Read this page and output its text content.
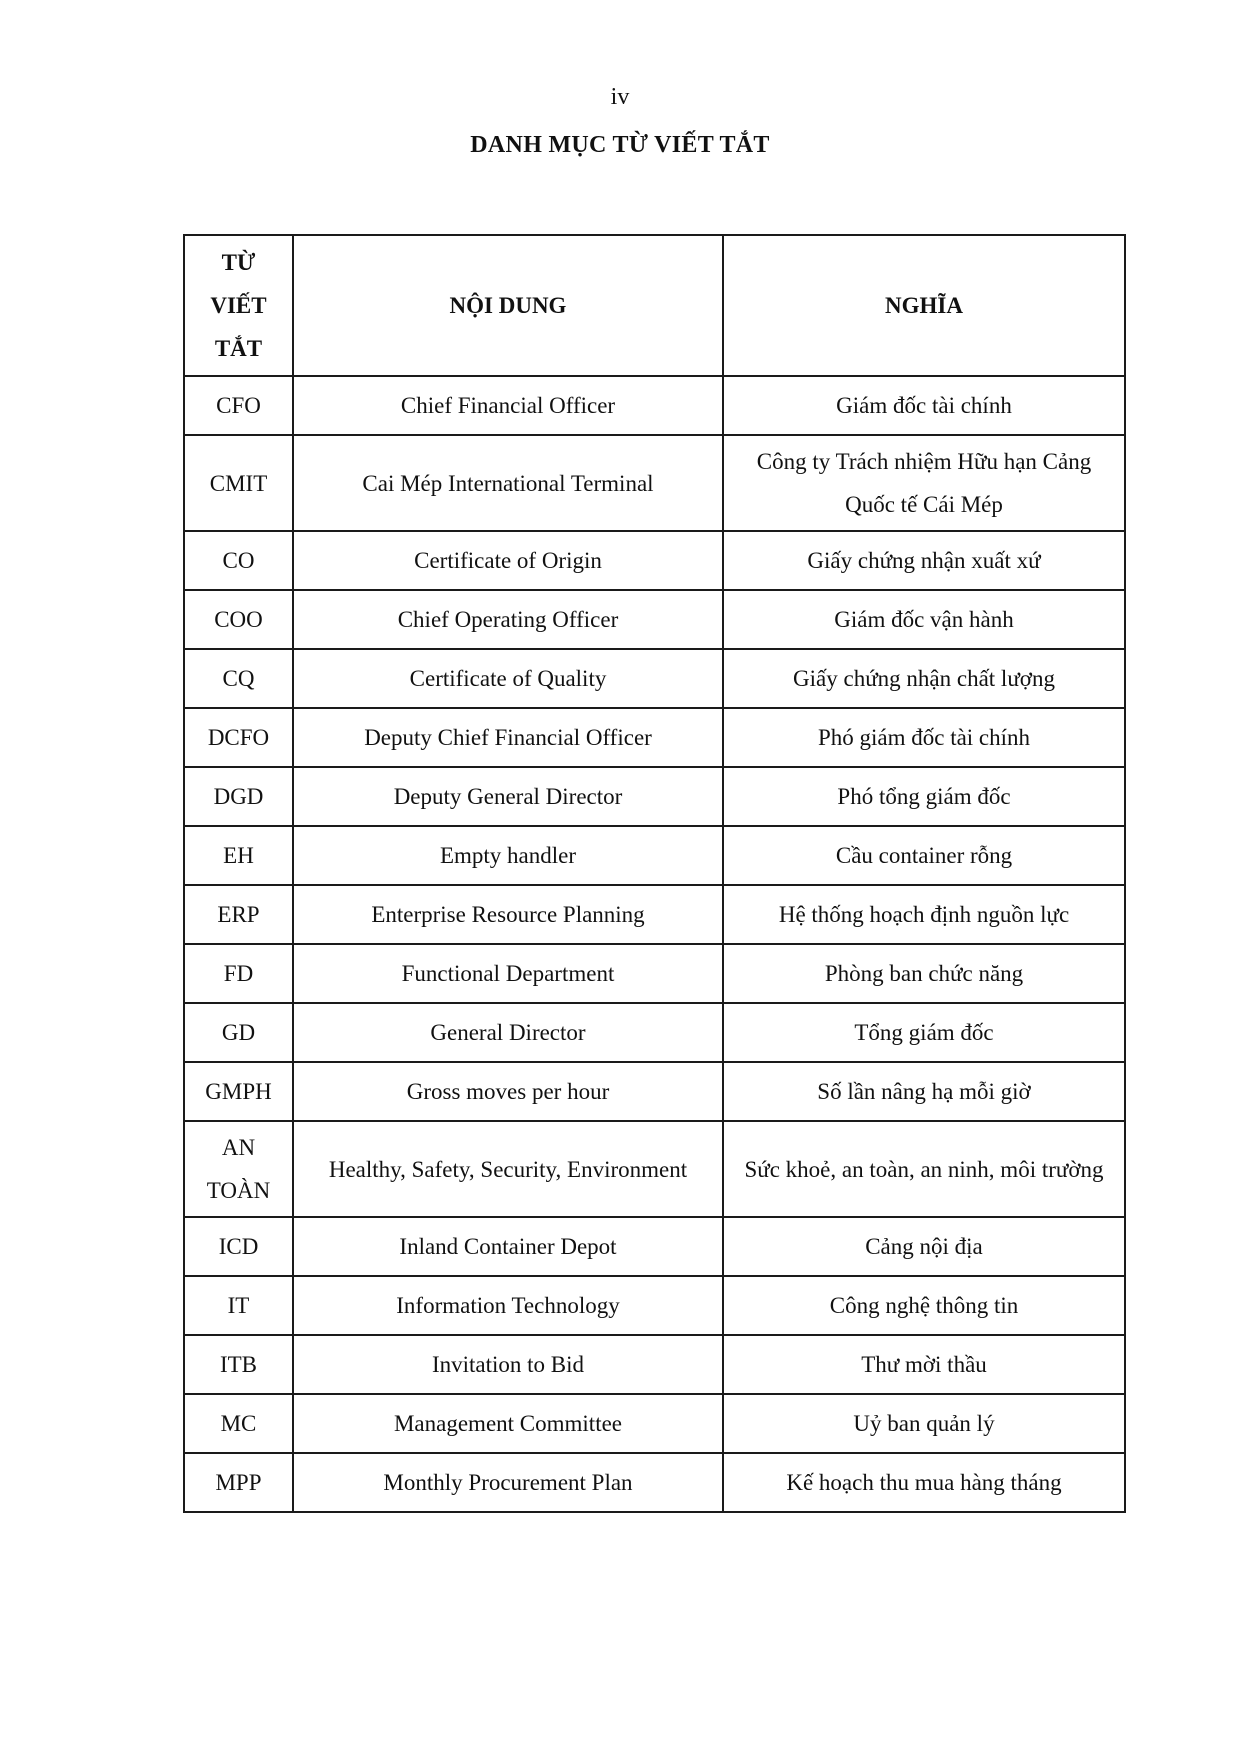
iv
DANH MỤC TỪ VIẾT TẮT
TỪ VIẾT TẮT	NỘI DUNG	NGHĨA
CFO	Chief Financial Officer	Giám đốc tài chính
CMIT	Cai Mép International Terminal	Công ty Trách nhiệm Hữu hạn Cảng Quốc tế Cái Mép
CO	Certificate of Origin	Giấy chứng nhận xuất xứ
COO	Chief Operating Officer	Giám đốc vận hành
CQ	Certificate of Quality	Giấy chứng nhận chất lượng
DCFO	Deputy Chief Financial Officer	Phó giám đốc tài chính
DGD	Deputy General Director	Phó tổng giám đốc
EH	Empty handler	Cầu container rỗng
ERP	Enterprise Resource Planning	Hệ thống hoạch định nguồn lực
FD	Functional Department	Phòng ban chức năng
GD	General Director	Tổng giám đốc
GMPH	Gross moves per hour	Số lần nâng hạ mỗi giờ
AN TOÀN	Healthy, Safety, Security, Environment	Sức khoẻ, an toàn, an ninh, môi trường
ICD	Inland Container Depot	Cảng nội địa
IT	Information Technology	Công nghệ thông tin
ITB	Invitation to Bid	Thư mời thầu
MC	Management Committee	Uỷ ban quản lý
MPP	Monthly Procurement Plan	Kế hoạch thu mua hàng tháng
